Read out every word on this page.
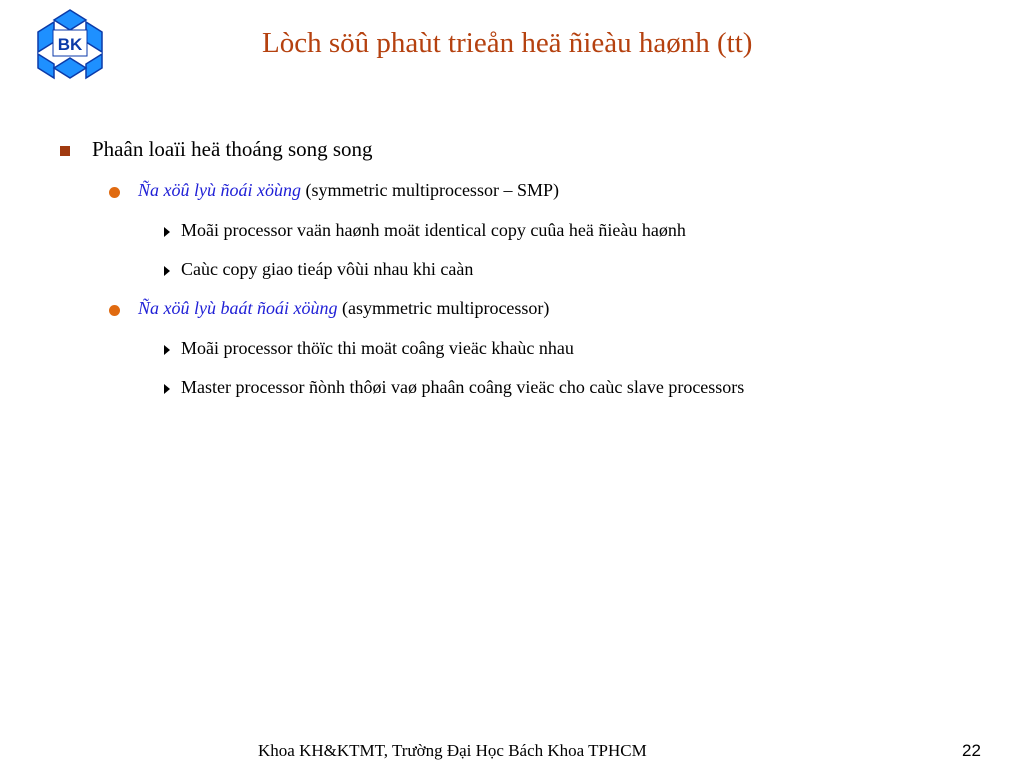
BK	Lòch söû phaùt trieån heä ñieàu haønh (tt)
Phaân loaïi heä thoáng song song
Ña xöû lyù ñoái xöùng (symmetric multiprocessor – SMP)
Moãi processor vaän haønh moät identical copy cuûa heä ñieàu haønh
Caùc copy giao tieáp vôùi nhau khi caàn
Ña xöû lyù baát ñoái xöùng (asymmetric multiprocessor)
Moãi processor thöïc thi moät coâng vieäc khaùc nhau
Master processor ñònh thôøi vaø phaân coâng vieäc cho caùc slave processors
Khoa KH&KTMT, Trường Đại Học Bách Khoa TPHCM	22
